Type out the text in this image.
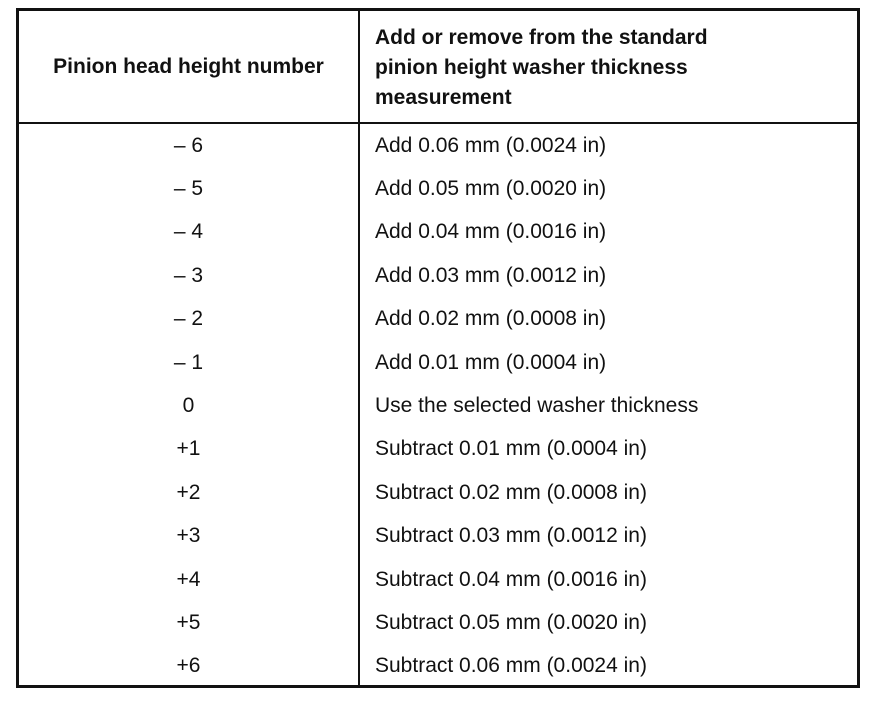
Pinion head height number
Add or remove from the standard
pinion height washer thickness
measurement
– 6	Add 0.06 mm (0.0024 in)
– 5	Add 0.05 mm (0.0020 in)
– 4	Add 0.04 mm (0.0016 in)
– 3	Add 0.03 mm (0.0012 in)
– 2	Add 0.02 mm (0.0008 in)
– 1	Add 0.01 mm (0.0004 in)
0	Use the selected washer thickness
+1	Subtract 0.01 mm (0.0004 in)
+2	Subtract 0.02 mm (0.0008 in)
+3	Subtract 0.03 mm (0.0012 in)
+4	Subtract 0.04 mm (0.0016 in)
+5	Subtract 0.05 mm (0.0020 in)
+6	Subtract 0.06 mm (0.0024 in)
